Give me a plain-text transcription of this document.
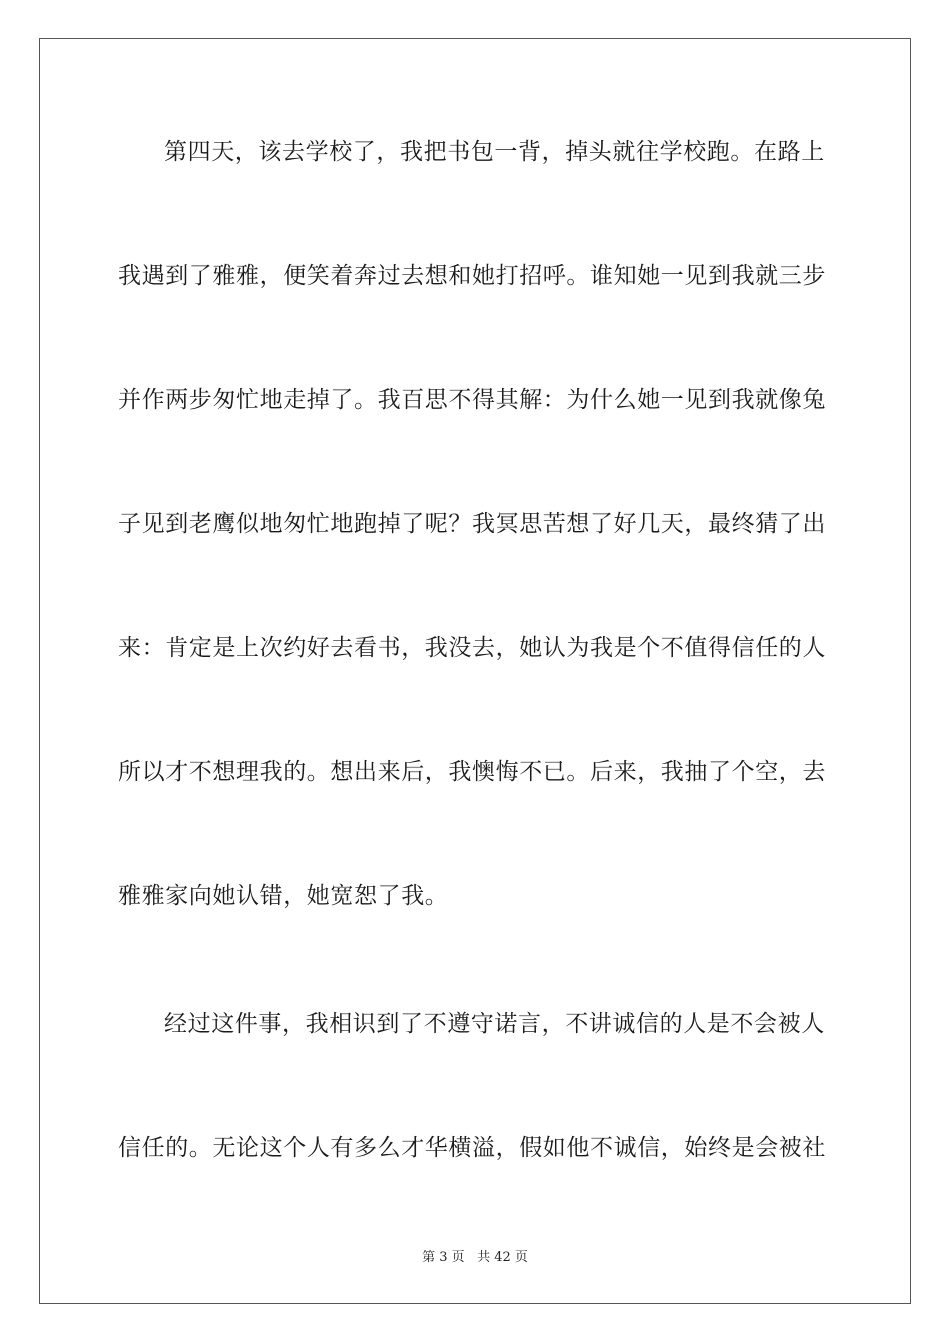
第四天，该去学校了，我把书包一背，掉头就往学校跑。在路上
我遇到了雅雅，便笑着奔过去想和她打招呼。谁知她一见到我就三步
并作两步匆忙地走掉了。我百思不得其解：为什么她一见到我就像兔
子见到老鹰似地匆忙地跑掉了呢？我冥思苦想了好几天，最终猜了出
来：肯定是上次约好去看书，我没去，她认为我是个不值得信任的人
所以才不想理我的。想出来后，我懊悔不已。后来，我抽了个空，去
雅雅家向她认错，她宽恕了我。
经过这件事，我相识到了不遵守诺言，不讲诚信的人是不会被人
信任的。无论这个人有多么才华横溢，假如他不诚信，始终是会被社
第 3 页 共 42 页
